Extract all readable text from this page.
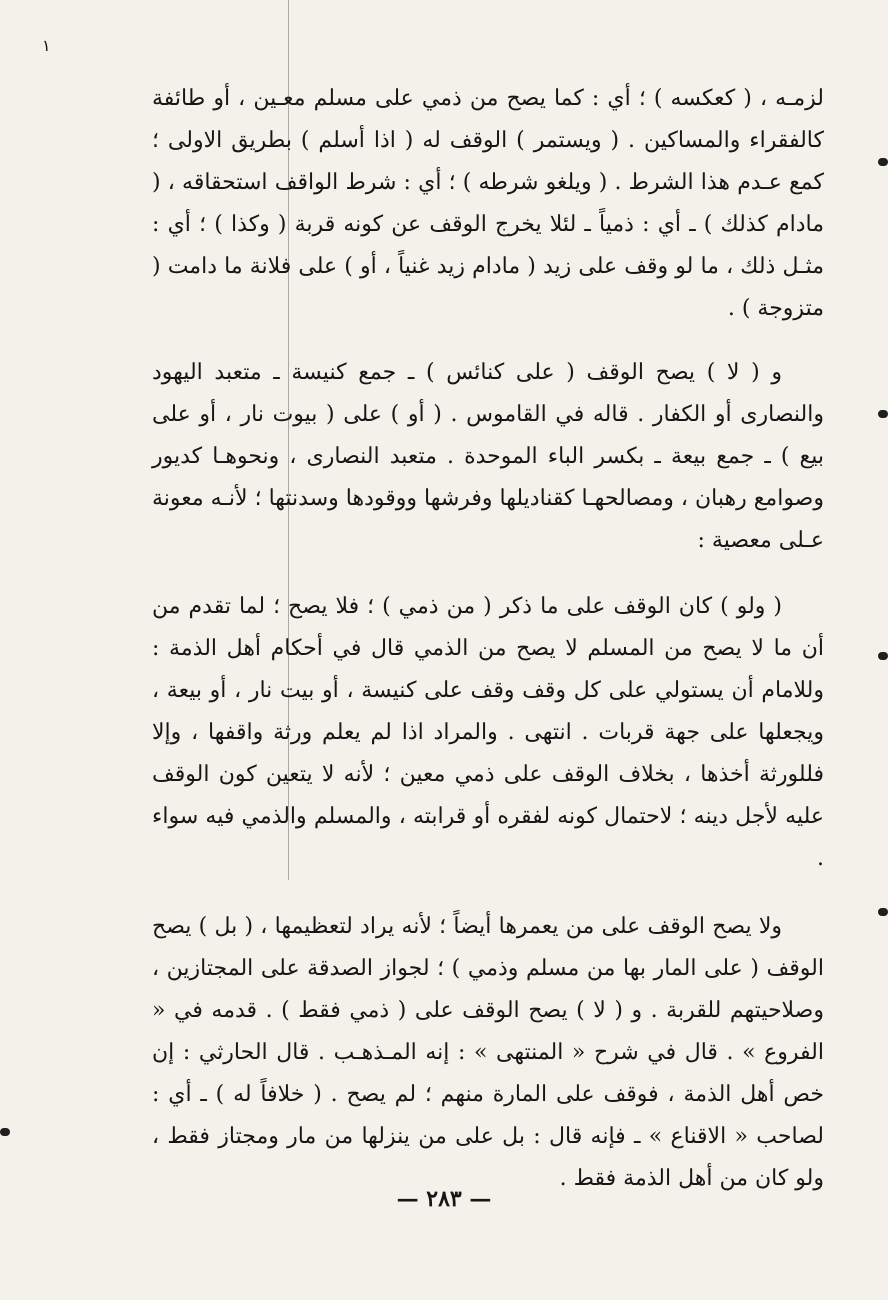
١

لزمـه ، ( كعكسه ) ؛ أي : كما يصح من ذمي على مسلم معـين ، أو طائفة كالفقراء والمساكين . ( ويستمر ) الوقف له ( اذا أسلم ) بطريق الاولى ؛ كمع عـدم هذا الشرط . ( ويلغو شرطه ) ؛ أي : شرط الواقف استحقاقه ، ( مادام كذلك ) ـ أي : ذمياً ـ لئلا يخرج الوقف عن كونه قربة ( وكذا ) ؛ أي : مثـل ذلك ، ما لو وقف على زيد ( مادام زيد غنياً ، أو ) على فلانة ما دامت ( متزوجة ) .

و ( لا ) يصح الوقف ( على كنائس ) ـ جمع كنيسة ـ متعبد اليهود والنصارى أو الكفار . قاله في القاموس . ( أو ) على ( بيوت نار ، أو على بيع ) ـ جمع بيعة ـ بكسر الباء الموحدة . متعبد النصارى ، ونحوهـا كديور وصوامع رهبان ، ومصالحهـا كقناديلها وفرشها ووقودها وسدنتها ؛ لأنـه معونة عـلى معصية :

( ولو ) كان الوقف على ما ذكر ( من ذمي ) ؛ فلا يصح ؛ لما تقدم من أن ما لا يصح من المسلم لا يصح من الذمي قال في أحكام أهل الذمة : وللامام أن يستولي على كل وقف وقف على كنيسة ، أو بيت نار ، أو بيعة ، ويجعلها على جهة قربات . انتهى . والمراد اذا لم يعلم ورثة واقفها ، وإلا فللورثة أخذها ، بخلاف الوقف على ذمي معين ؛ لأنه لا يتعين كون الوقف عليه لأجل دينه ؛ لاحتمال كونه لفقره أو قرابته ، والمسلم والذمي فيه سواء .

ولا يصح الوقف على من يعمرها أيضاً ؛ لأنه يراد لتعظيمها ، ( بل ) يصح الوقف ( على المار بها من مسلم وذمي ) ؛ لجواز الصدقة على المجتازين ، وصلاحيتهم للقربة . و ( لا ) يصح الوقف على ( ذمي فقط ) . قدمه في « الفروع » . قال في شرح « المنتهى » : إنه المـذهـب . قال الحارثي : إن خص أهل الذمة ، فوقف على المارة منهم ؛ لم يصح . ( خلافاً له ) ـ أي : لصاحب « الاقناع » ـ فإنه قال : بل على من ينزلها من مار ومجتاز فقط ، ولو كان من أهل الذمة فقط .

— ٢٨٣ —
